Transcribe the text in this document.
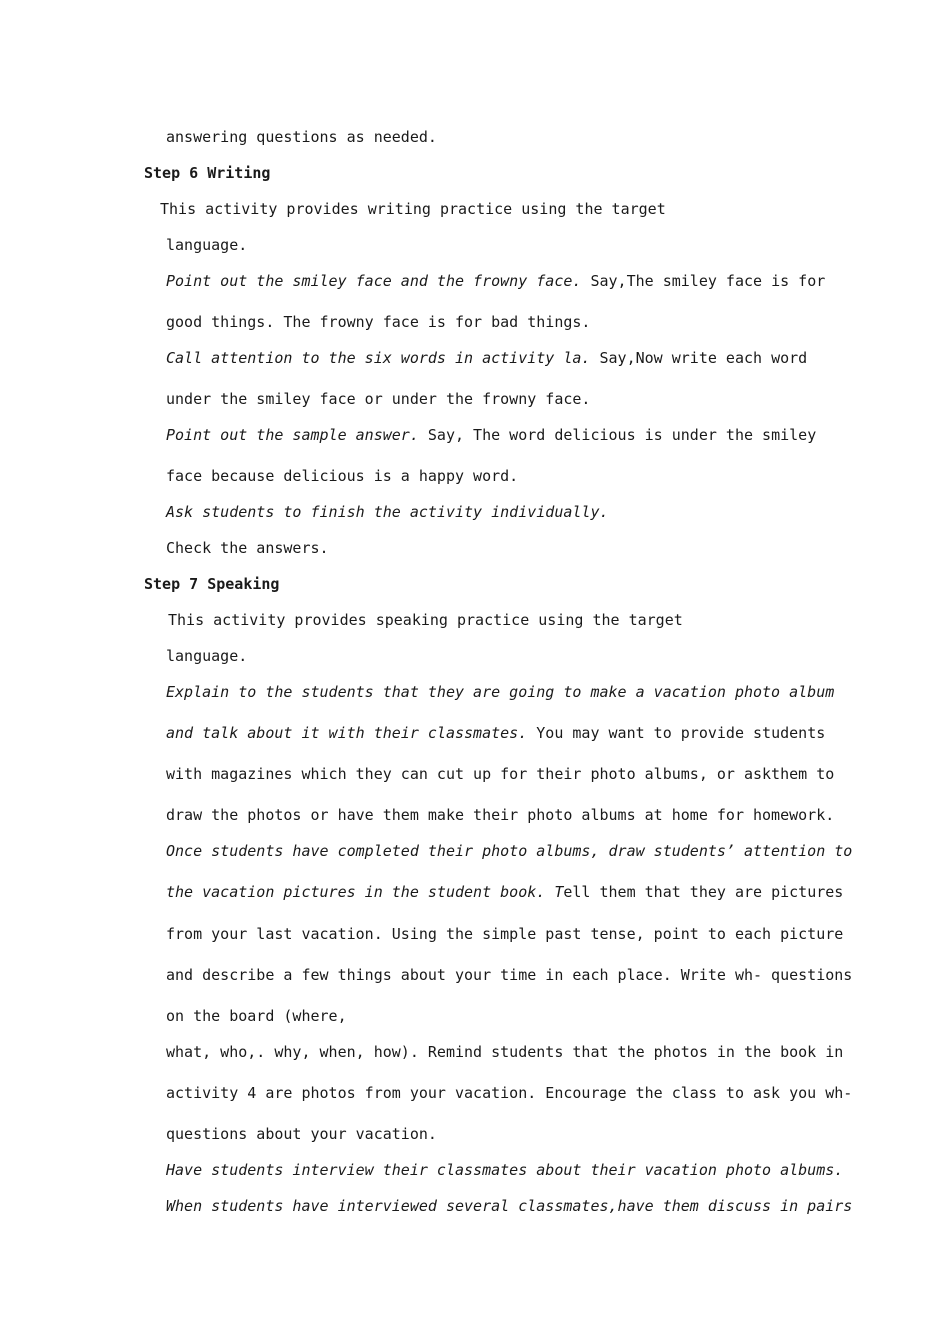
answering questions as needed.
Step 6 Writing
This activity provides writing practice using the target
language.
Point out the smiley face and the frowny face. Say,The smiley face is for
good things. The frowny face is for bad things.
Call attention to the six words in activity la. Say,Now write each word
under the smiley face or under the frowny face.
Point out the sample answer. Say, The word delicious is under the smiley
face because delicious is a happy word.
Ask students to finish the activity individually.
Check the answers.
Step 7 Speaking
This activity provides speaking practice using the target
language.
Explain to the students that they are going to make a vacation photo album
and talk about it with their classmates. You may want to provide students
with magazines which they can cut up for their photo albums, or askthem to
draw the photos or have them make their photo albums at home for homework.
Once students have completed their photo albums, draw students’ attention to
the vacation pictures in the student book. Tell them that they are pictures
from your last vacation. Using the simple past tense, point to each picture
and describe a few things about your time in each place. Write wh- questions
on the board (where,
what, who,. why, when, how). Remind students that the photos in the book in
activity 4 are photos from your vacation. Encourage the class to ask you wh-
questions about your vacation.
Have students interview their classmates about their vacation photo albums.
When students have interviewed several classmates,have them discuss in pairs
